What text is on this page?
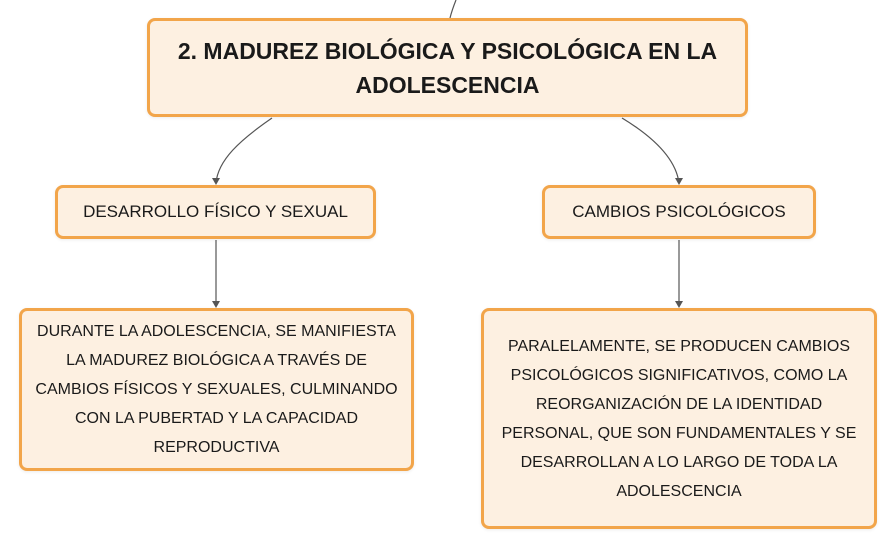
2. MADUREZ BIOLÓGICA Y PSICOLÓGICA EN LA ADOLESCENCIA
DESARROLLO FÍSICO Y SEXUAL	CAMBIOS PSICOLÓGICOS
DURANTE LA ADOLESCENCIA, SE MANIFIESTA LA MADUREZ BIOLÓGICA A TRAVÉS DE CAMBIOS FÍSICOS Y SEXUALES, CULMINANDO CON LA PUBERTAD Y LA CAPACIDAD REPRODUCTIVA
PARALELAMENTE, SE PRODUCEN CAMBIOS PSICOLÓGICOS SIGNIFICATIVOS, COMO LA REORGANIZACIÓN DE LA IDENTIDAD PERSONAL, QUE SON FUNDAMENTALES Y SE DESARROLLAN A LO LARGO DE TODA LA ADOLESCENCIA
